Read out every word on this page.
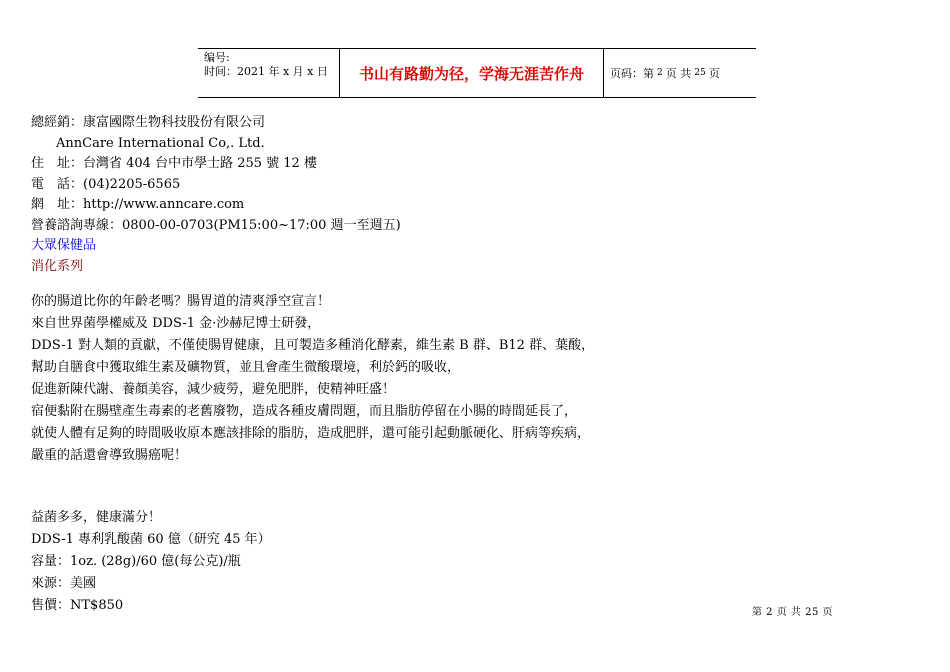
编号:
时间：2021 年 x 月 x 日	书山有路勤为径，学海无涯苦作舟 页码：第 2 页 共 25 页
總經銷：康富國際生物科技股份有限公司
AnnCare International Co,. Ltd.
住　址：台灣省 404 台中市學士路 255 號 12 樓
電　話：(04)2205-6565
網　址：http://www.anncare.com
營養諮詢專線：0800-00-0703(PM15:00~17:00 週一至週五)
大眾保健品
消化系列
你的腸道比你的年齡老嗎？腸胃道的清爽淨空宣言！
來自世界菌學權威及 DDS-1 金·沙赫尼博士研發，
DDS-1 對人類的貢獻，不僅使腸胃健康，且可製造多種消化酵素，維生素 B 群、B12 群、葉酸，
幫助自膳食中獲取維生素及礦物質，並且會產生微酸環境，利於鈣的吸收，
促進新陳代謝、養顏美容，減少疲勞，避免肥胖，使精神旺盛！
宿便黏附在腸壁產生毒素的老舊廢物，造成各種皮膚問題，而且脂肪停留在小腸的時間延長了，
就使人體有足夠的時間吸收原本應該排除的脂肪，造成肥胖，還可能引起動脈硬化、肝病等疾病，
嚴重的話還會導致腸癌呢！
益菌多多，健康滿分！
DDS-1 專利乳酸菌 60 億（研究 45 年）
容量：1oz. (28g)/60 億(每公克)/瓶
來源：美國
售價：NT$850	第 2 页 共 25 页
